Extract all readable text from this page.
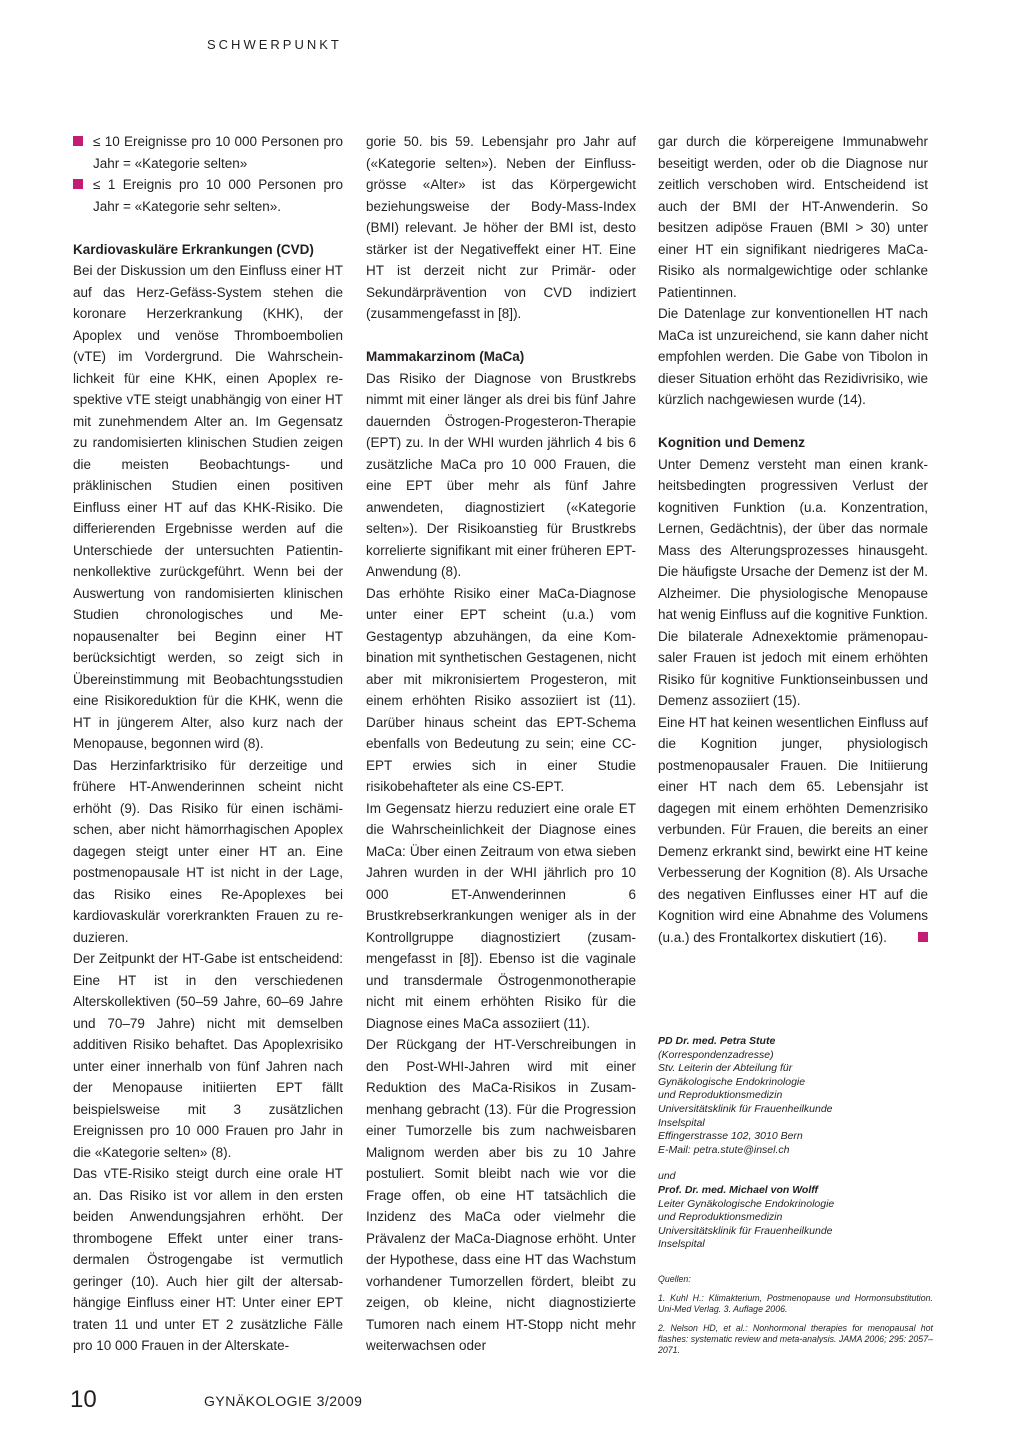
SCHWERPUNKT

≤ 10 Ereignisse pro 10 000 Personen pro Jahr = «Kategorie selten»

≤ 1 Ereignis pro 10 000 Personen pro Jahr = «Kategorie sehr selten».

Kardiovaskuläre Erkrankungen (CVD)

Bei der Diskussion um den Einfluss einer HT auf das Herz-Gefäss-System stehen die koronare Herzerkrankung (KHK), der Apoplex und venöse Thromboembolien (vTE) im Vordergrund. Die Wahrscheinlichkeit für eine KHK, einen Apoplex respektive vTE steigt unabhängig von einer HT mit zunehmendem Alter an. Im Gegensatz zu randomisierten klinischen Studien zeigen die meisten Beobachtungs- und präklinischen Studien einen positiven Einfluss einer HT auf das KHK-Risiko. Die differierenden Ergebnisse werden auf die Unterschiede der untersuchten Patientinnenkollektive zurückgeführt. Wenn bei der Auswertung von randomisierten klinischen Studien chronologisches und Menopausenalter bei Beginn einer HT berücksichtigt werden, so zeigt sich in Übereinstimmung mit Beobachtungsstudien eine Risikoreduktion für die KHK, wenn die HT in jüngerem Alter, also kurz nach der Menopause, begonnen wird (8).

Das Herzinfarktrisiko für derzeitige und frühere HT-Anwenderinnen scheint nicht erhöht (9). Das Risiko für einen ischämischen, aber nicht hämorrhagischen Apoplex dagegen steigt unter einer HT an. Eine postmenopausale HT ist nicht in der Lage, das Risiko eines Re-Apoplexes bei kardiovaskulär vorerkrankten Frauen zu reduzieren.

Der Zeitpunkt der HT-Gabe ist entscheidend: Eine HT ist in den verschiedenen Alterskollektiven (50–59 Jahre, 60–69 Jahre und 70–79 Jahre) nicht mit demselben additiven Risiko behaftet. Das Apoplexrisiko unter einer innerhalb von fünf Jahren nach der Menopause initiierten EPT fällt beispielsweise mit 3 zusätzlichen Ereignissen pro 10 000 Frauen pro Jahr in die «Kategorie selten» (8).

Das vTE-Risiko steigt durch eine orale HT an. Das Risiko ist vor allem in den ersten beiden Anwendungsjahren erhöht. Der thrombogene Effekt unter einer transdermalen Östrogengabe ist vermutlich geringer (10). Auch hier gilt der altersabhängige Einfluss einer HT: Unter einer EPT traten 11 und unter ET 2 zusätzliche Fälle pro 10 000 Frauen in der Alterskate-

gorie 50. bis 59. Lebensjahr pro Jahr auf («Kategorie selten»). Neben der Einflussgrösse «Alter» ist das Körpergewicht beziehungsweise der Body-Mass-Index (BMI) relevant. Je höher der BMI ist, desto stärker ist der Negativeffekt einer HT. Eine HT ist derzeit nicht zur Primär- oder Sekundärprävention von CVD indiziert (zusammengefasst in [8]).

Mammakarzinom (MaCa)

Das Risiko der Diagnose von Brustkrebs nimmt mit einer länger als drei bis fünf Jahre dauernden Östrogen-Progesteron-Therapie (EPT) zu. In der WHI wurden jährlich 4 bis 6 zusätzliche MaCa pro 10 000 Frauen, die eine EPT über mehr als fünf Jahre anwendeten, diagnostiziert («Kategorie selten»). Der Risikoanstieg für Brustkrebs korrelierte signifikant mit einer früheren EPT-Anwendung (8).

Das erhöhte Risiko einer MaCa-Diagnose unter einer EPT scheint (u.a.) vom Gestagentyp abzuhängen, da eine Kombination mit synthetischen Gestagenen, nicht aber mit mikronisiertem Progesteron, mit einem erhöhten Risiko assoziiert ist (11). Darüber hinaus scheint das EPT-Schema ebenfalls von Bedeutung zu sein; eine CC-EPT erwies sich in einer Studie risikobehafteter als eine CS-EPT.

Im Gegensatz hierzu reduziert eine orale ET die Wahrscheinlichkeit der Diagnose eines MaCa: Über einen Zeitraum von etwa sieben Jahren wurden in der WHI jährlich pro 10 000 ET-Anwenderinnen 6 Brustkrebserkrankungen weniger als in der Kontrollgruppe diagnostiziert (zusammengefasst in [8]). Ebenso ist die vaginale und transdermale Östrogenmonotherapie nicht mit einem erhöhten Risiko für die Diagnose eines MaCa assoziiert (11).

Der Rückgang der HT-Verschreibungen in den Post-WHI-Jahren wird mit einer Reduktion des MaCa-Risikos in Zusammenhang gebracht (13). Für die Progression einer Tumorzelle bis zum nachweisbaren Malignom werden aber bis zu 10 Jahre postuliert. Somit bleibt nach wie vor die Frage offen, ob eine HT tatsächlich die Inzidenz des MaCa oder vielmehr die Prävalenz der MaCa-Diagnose erhöht. Unter der Hypothese, dass eine HT das Wachstum vorhandener Tumorzellen fördert, bleibt zu zeigen, ob kleine, nicht diagnostizierte Tumoren nach einem HT-Stopp nicht mehr weiterwachsen oder

gar durch die körpereigene Immunabwehr beseitigt werden, oder ob die Diagnose nur zeitlich verschoben wird. Entscheidend ist auch der BMI der HT-Anwenderin. So besitzen adipöse Frauen (BMI > 30) unter einer HT ein signifikant niedrigeres MaCa-Risiko als normalgewichtige oder schlanke Patientinnen.

Die Datenlage zur konventionellen HT nach MaCa ist unzureichend, sie kann daher nicht empfohlen werden. Die Gabe von Tibolon in dieser Situation erhöht das Rezidivrisiko, wie kürzlich nachgewiesen wurde (14).

Kognition und Demenz

Unter Demenz versteht man einen krankheitsbedingten progressiven Verlust der kognitiven Funktion (u.a. Konzentration, Lernen, Gedächtnis), der über das normale Mass des Alterungsprozesses hinausgeht. Die häufigste Ursache der Demenz ist der M. Alzheimer. Die physiologische Menopause hat wenig Einfluss auf die kognitive Funktion. Die bilaterale Adnexektomie prämenopausaler Frauen ist jedoch mit einem erhöhten Risiko für kognitive Funktionseinbussen und Demenz assoziiert (15).

Eine HT hat keinen wesentlichen Einfluss auf die Kognition junger, physiologisch postmenopausaler Frauen. Die Initiierung einer HT nach dem 65. Lebensjahr ist dagegen mit einem erhöhten Demenzrisiko verbunden. Für Frauen, die bereits an einer Demenz erkrankt sind, bewirkt eine HT keine Verbesserung der Kognition (8). Als Ursache des negativen Einflusses einer HT auf die Kognition wird eine Abnahme des Volumens (u.a.) des Frontalkortex diskutiert (16).

PD Dr. med. Petra Stute

(Korrespondenzadresse)

Stv. Leiterin der Abteilung für

Gynäkologische Endokrinologie

und Reproduktionsmedizin

Universitätsklinik für Frauenheilkunde

Inselspital

Effingerstrasse 102, 3010 Bern

E-Mail: petra.stute@insel.ch

und

Prof. Dr. med. Michael von Wolff

Leiter Gynäkologische Endokrinologie

und Reproduktionsmedizin

Universitätsklinik für Frauenheilkunde

Inselspital

Quellen:

1. Kuhl H.: Klimakterium, Postmenopause und Hormonsubstitution. Uni-Med Verlag. 3. Auflage 2006.

2. Nelson HD, et al.: Nonhormonal therapies for menopausal hot flashes: systematic review and meta-analysis. JAMA 2006; 295: 2057–2071.

10	GYNÄKOLOGIE 3/2009
